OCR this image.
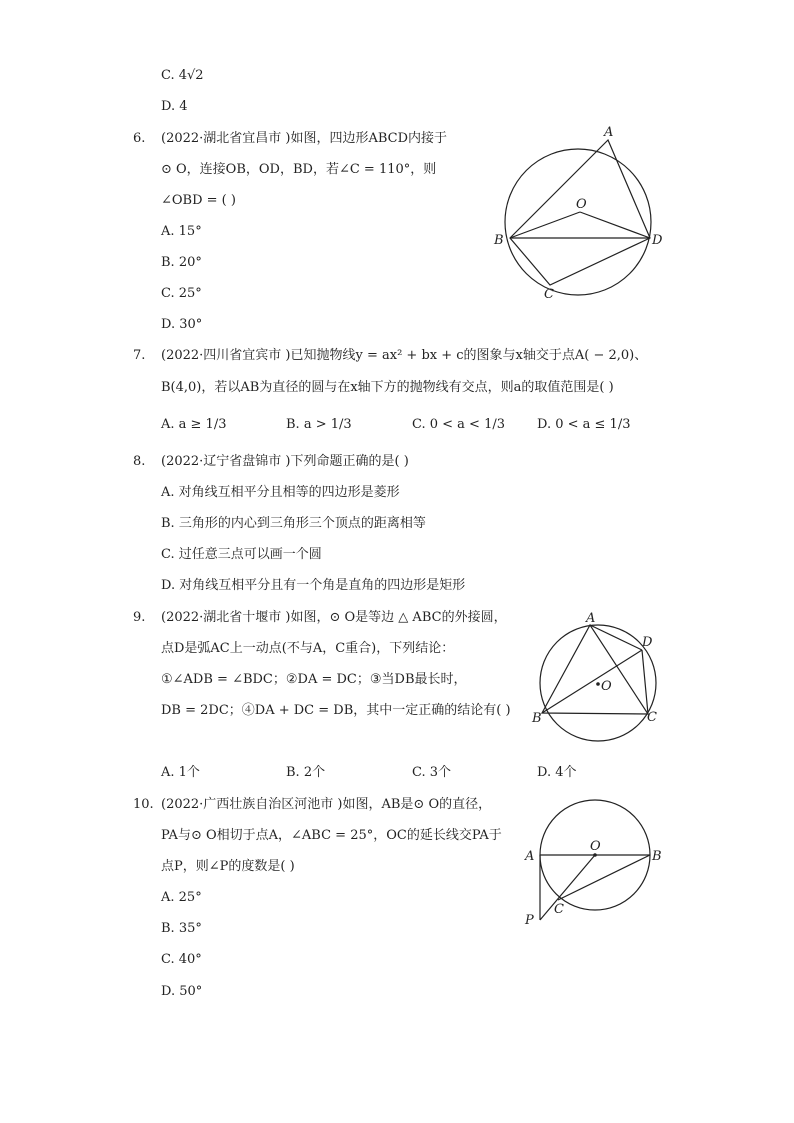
C. 4√2
D. 4
6. (2022·湖北省宜昌市 )如图，四边形ABCD内接于
⊙ O，连接OB，OD，BD，若∠C = 110°，则
∠OBD = ( )
A. 15°
B. 20°
C. 25°
D. 30°
A
O
B	D
C
7. (2022·四川省宜宾市 )已知抛物线y = ax² + bx + c的图象与x轴交于点A( − 2,0)、
B(4,0)，若以AB为直径的圆与在x轴下方的抛物线有交点，则a的取值范围是( )
A. a ≥ 1/3	B. a > 1/3	C. 0 < a < 1/3 D. 0 < a ≤ 1/3
8. (2022·辽宁省盘锦市 )下列命题正确的是( )
A. 对角线互相平分且相等的四边形是菱形
B. 三角形的内心到三角形三个顶点的距离相等
C. 过任意三点可以画一个圆
D. 对角线互相平分且有一个角是直角的四边形是矩形
9. (2022·湖北省十堰市 )如图，⊙ O是等边 △ ABC的外接圆，
点D是弧AC上一动点(不与A，C重合)，下列结论：
①∠ADB = ∠BDC；②DA = DC；③当DB最长时，
DB = 2DC；④DA + DC = DB，其中一定正确的结论有( )
A. 1个	B. 2个	C. 3个	D. 4个
A
D
O
B	C
10. (2022·广西壮族自治区河池市 )如图，AB是⊙ O的直径，
PA与⊙ O相切于点A，∠ABC = 25°，OC的延长线交PA于
点P，则∠P的度数是( )
A. 25°
B. 35°
C. 40°
D. 50°
O
A	B
C
P
